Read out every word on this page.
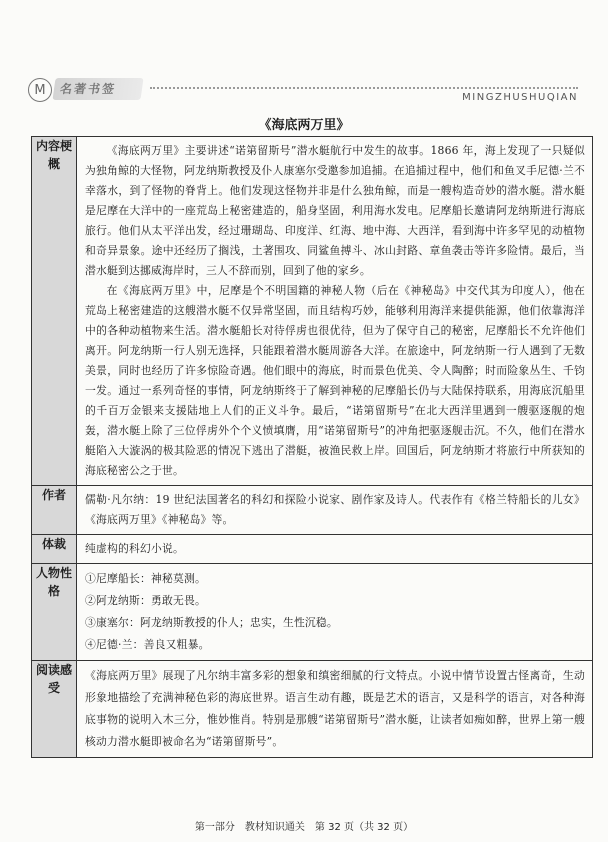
M	名著书签
MINGZHUSHUQIAN
《海底两万里》
内容梗概	《海底两万里》主要讲述“诺第留斯号”潜水艇航行中发生的故事。1866 年，海上发现了一只疑似为独角鲸的大怪物，阿龙纳斯教授及仆人康塞尔受邀参加追捕。在追捕过程中，他们和鱼叉手尼德·兰不幸落水，到了怪物的脊背上。他们发现这怪物并非是什么独角鲸，而是一艘构造奇妙的潜水艇。潜水艇是尼摩在大洋中的一座荒岛上秘密建造的，船身坚固，利用海水发电。尼摩船长邀请阿龙纳斯进行海底旅行。他们从太平洋出发，经过珊瑚岛、印度洋、红海、地中海、大西洋，看到海中许多罕见的动植物和奇异景象。途中还经历了搁浅，土著围攻、同鲨鱼搏斗、冰山封路、章鱼袭击等许多险情。最后，当潜水艇到达挪威海岸时，三人不辞而别，回到了他的家乡。

在《海底两万里》中，尼摩是个不明国籍的神秘人物（后在《神秘岛》中交代其为印度人），他在荒岛上秘密建造的这艘潜水艇不仅异常坚固，而且结构巧妙，能够利用海洋来提供能源，他们依靠海洋中的各种动植物来生活。潜水艇船长对待俘虏也很优待，但为了保守自己的秘密，尼摩船长不允许他们离开。阿龙纳斯一行人别无选择，只能跟着潜水艇周游各大洋。在旅途中，阿龙纳斯一行人遇到了无数美景，同时也经历了许多惊险奇遇。他们眼中的海底，时而景色优美、令人陶醉；时而险象丛生、千钧一发。通过一系列奇怪的事情，阿龙纳斯终于了解到神秘的尼摩船长仍与大陆保持联系，用海底沉船里的千百万金银来支援陆地上人们的正义斗争。最后，“诺第留斯号”在北大西洋里遇到一艘驱逐舰的炮轰，潜水艇上除了三位俘虏外个个义愤填膺，用“诺第留斯号”的冲角把驱逐舰击沉。不久，他们在潜水艇陷入大漩涡的极其险恶的情况下逃出了潜艇，被渔民救上岸。回国后，阿龙纳斯才将旅行中所获知的海底秘密公之于世。

作者	儒勒·凡尔纳：19 世纪法国著名的科幻和探险小说家、剧作家及诗人。代表作有《格兰特船长的儿女》《海底两万里》《神秘岛》等。

体裁	纯虚构的科幻小说。

人物性格	①尼摩船长：神秘莫测。

②阿龙纳斯：勇敢无畏。

③康塞尔：阿龙纳斯教授的仆人；忠实，生性沉稳。

④尼德·兰：善良又粗暴。

阅读感受	《海底两万里》展现了凡尔纳丰富多彩的想象和缜密细腻的行文特点。小说中情节设置古怪离奇，生动形象地描绘了充满神秘色彩的海底世界。语言生动有趣，既是艺术的语言，又是科学的语言，对各种海底事物的说明入木三分，惟妙惟肖。特别是那艘“诺第留斯号”潜水艇，让读者如痴如醉，世界上第一艘核动力潜水艇即被命名为“诺第留斯号”。

第一部分　教材知识通关　第 32 页（共 32 页）
